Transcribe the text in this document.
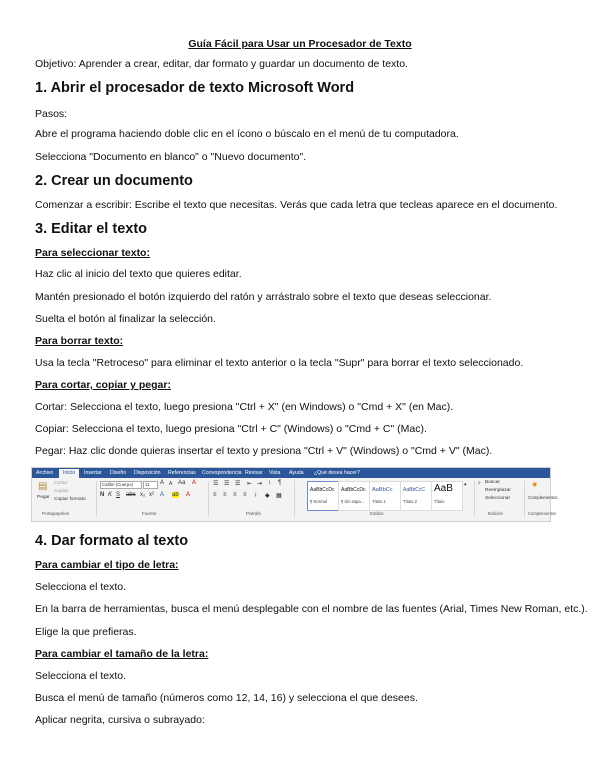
Guía Fácil para Usar un Procesador de Texto
Objetivo: Aprender a crear, editar, dar formato y guardar un documento de texto.
1. Abrir el procesador de texto Microsoft Word
Pasos:
Abre el programa haciendo doble clic en el ícono o búscalo en el menú de tu computadora.
Selecciona "Documento en blanco" o "Nuevo documento".
2. Crear un documento
Comenzar a escribir: Escribe el texto que necesitas. Verás que cada letra que tecleas aparece en el documento.
3. Editar el texto
Para seleccionar texto:
Haz clic al inicio del texto que quieres editar.
Mantén presionado el botón izquierdo del ratón y arrástralo sobre el texto que deseas seleccionar.
Suelta el botón al finalizar la selección.
Para borrar texto:
Usa la tecla "Retroceso" para eliminar el texto anterior o la tecla "Supr" para borrar el texto seleccionado.
Para cortar, copiar y pegar:
Cortar: Selecciona el texto, luego presiona "Ctrl + X" (en Windows) o "Cmd + X" (en Mac).
Copiar: Selecciona el texto, luego presiona "Ctrl + C" (Windows) o "Cmd + C" (Mac).
Pegar: Haz clic donde quieras insertar el texto y presiona "Ctrl + V" (Windows) o "Cmd + V" (Mac).
Archivo	Inicio	Insertar Diseño Disposición Referencias Correspondencia Revisar Vista Ayuda ¿Qué desea hacer?
▤
Pegar
Cortar
Copiar
Copiar formato
Portapapeles
Calibri (Cuerpo)	11 A A Aa A
N K S abc x₂ x² A ab A
Fuente
☰ ☰ ☰ ⇤ ⇥ ↕ ¶
≡ ≡ ≡ ≡ ↨ ◆ ▦
Párrafo
AaBbCcDc
¶ Normal
AaBbCcDc
¶ Sin espa...
AaBbCc
Título 1
AaBbCcC
Título 2
AaB
Título
▾
Estilos
⌕ Buscar
Reemplazar
Seleccionar
Edición
◉
Complementos
Complementos
4. Dar formato al texto
Para cambiar el tipo de letra:
Selecciona el texto.
En la barra de herramientas, busca el menú desplegable con el nombre de las fuentes (Arial, Times New Roman, etc.).
Elige la que prefieras.
Para cambiar el tamaño de la letra:
Selecciona el texto.
Busca el menú de tamaño (números como 12, 14, 16) y selecciona el que desees.
Aplicar negrita, cursiva o subrayado:
